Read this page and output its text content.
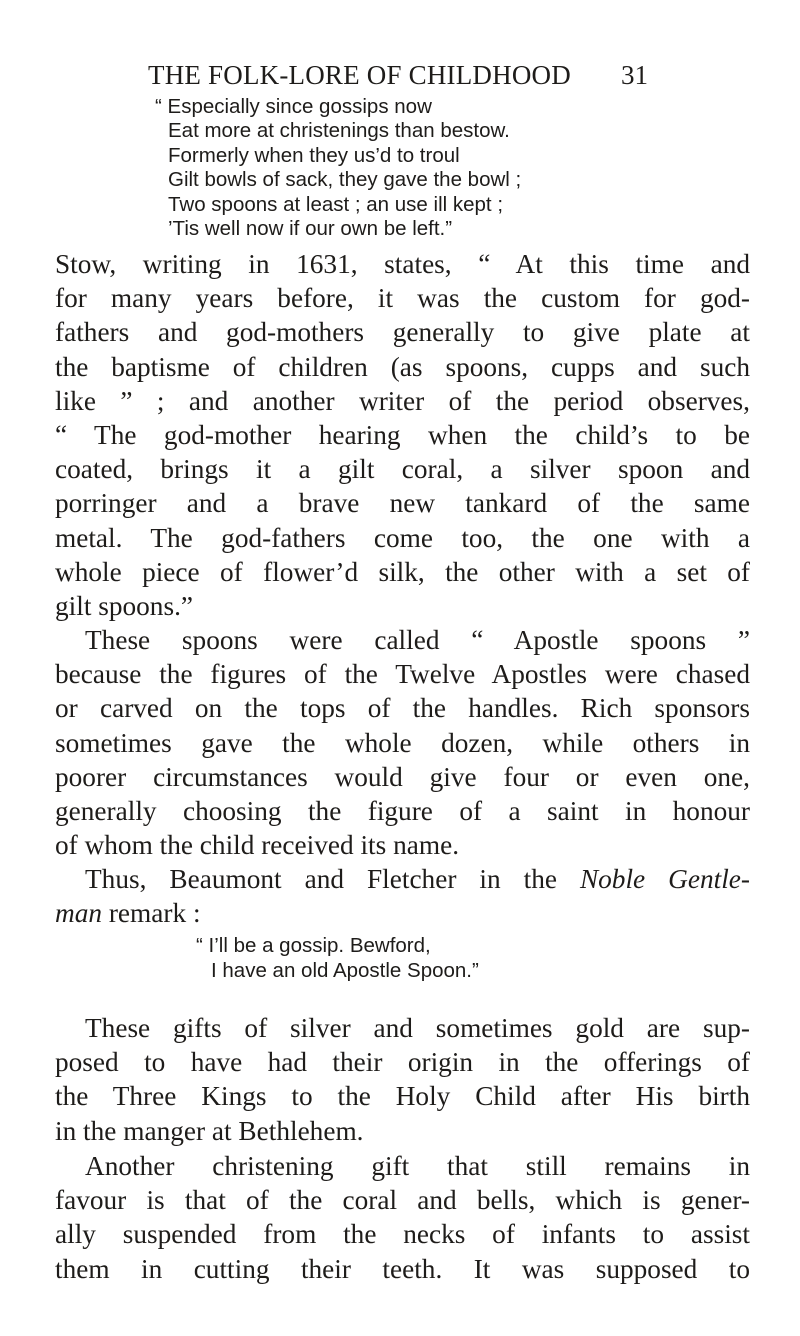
THE FOLK-LORE OF CHILDHOOD 31
“ Especially since gossips now
Eat more at christenings than bestow.
Formerly when they us’d to troul
Gilt bowls of sack, they gave the bowl ;
Two spoons at least ; an use ill kept ;
’Tis well now if our own be left.”
Stow, writing in 1631, states, “ At this time and
for many years before, it was the custom for god-
fathers and god-mothers generally to give plate at
the baptisme of children (as spoons, cupps and such
like ” ; and another writer of the period observes,
“ The god-mother hearing when the child’s to be
coated, brings it a gilt coral, a silver spoon and
porringer and a brave new tankard of the same
metal. The god-fathers come too, the one with a
whole piece of flower’d silk, the other with a set of
gilt spoons.”
These spoons were called “ Apostle spoons ”
because the figures of the Twelve Apostles were chased
or carved on the tops of the handles. Rich sponsors
sometimes gave the whole dozen, while others in
poorer circumstances would give four or even one,
generally choosing the figure of a saint in honour
of whom the child received its name.
Thus, Beaumont and Fletcher in the Noble Gentle-
man remark :
“ I’ll be a gossip. Bewford,
I have an old Apostle Spoon.”
These gifts of silver and sometimes gold are sup-
posed to have had their origin in the offerings of
the Three Kings to the Holy Child after His birth
in the manger at Bethlehem.
Another christening gift that still remains in
favour is that of the coral and bells, which is gener-
ally suspended from the necks of infants to assist
them in cutting their teeth. It was supposed to
